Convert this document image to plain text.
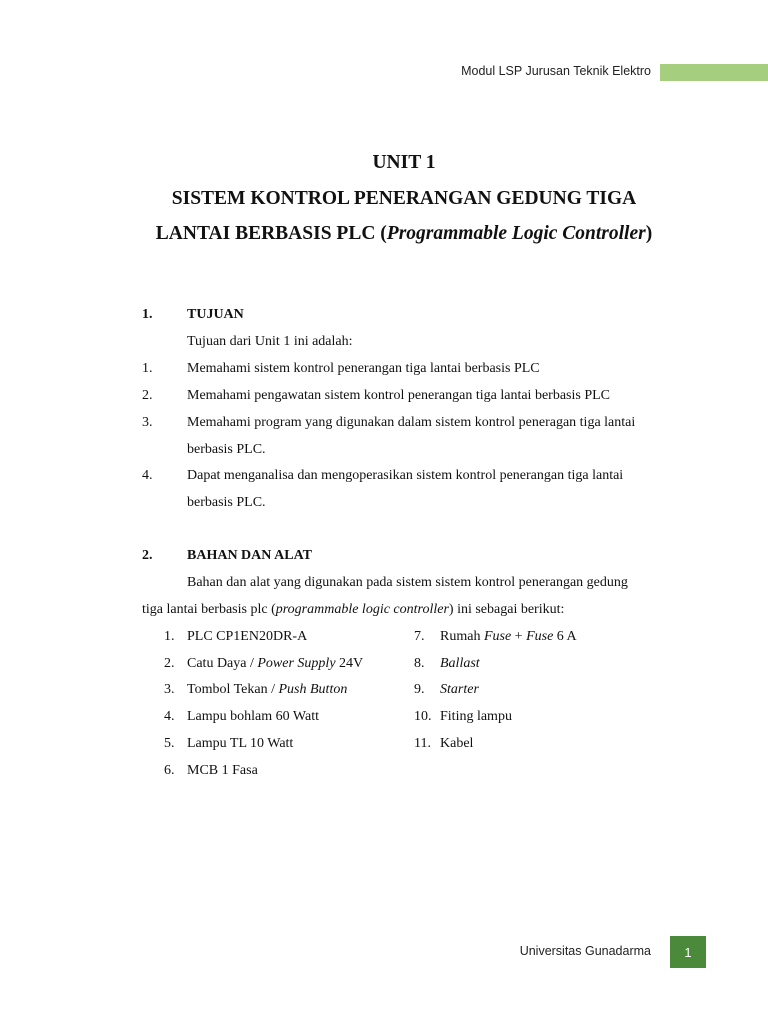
Modul LSP Jurusan Teknik Elektro
UNIT 1
SISTEM KONTROL PENERANGAN GEDUNG TIGA
LANTAI BERBASIS PLC (Programmable Logic Controller)
1. TUJUAN
Tujuan dari Unit 1 ini adalah:
1. Memahami sistem kontrol penerangan tiga lantai berbasis PLC
2. Memahami pengawatan sistem kontrol penerangan tiga lantai berbasis PLC
3. Memahami program yang digunakan dalam sistem kontrol peneragan tiga lantai
berbasis PLC.
4. Dapat menganalisa dan mengoperasikan sistem kontrol penerangan tiga lantai
berbasis PLC.
2. BAHAN DAN ALAT
Bahan dan alat yang digunakan pada sistem sistem kontrol penerangan gedung
tiga lantai berbasis plc (programmable logic controller) ini sebagai berikut:
1. PLC CP1EN20DR-A
2. Catu Daya / Power Supply 24V
3. Tombol Tekan / Push Button
4. Lampu bohlam 60 Watt
5. Lampu TL 10 Watt
6. MCB 1 Fasa
7. Rumah Fuse + Fuse 6 A
8. Ballast
9. Starter
10. Fiting lampu
11. Kabel
Universitas Gunadarma	1
